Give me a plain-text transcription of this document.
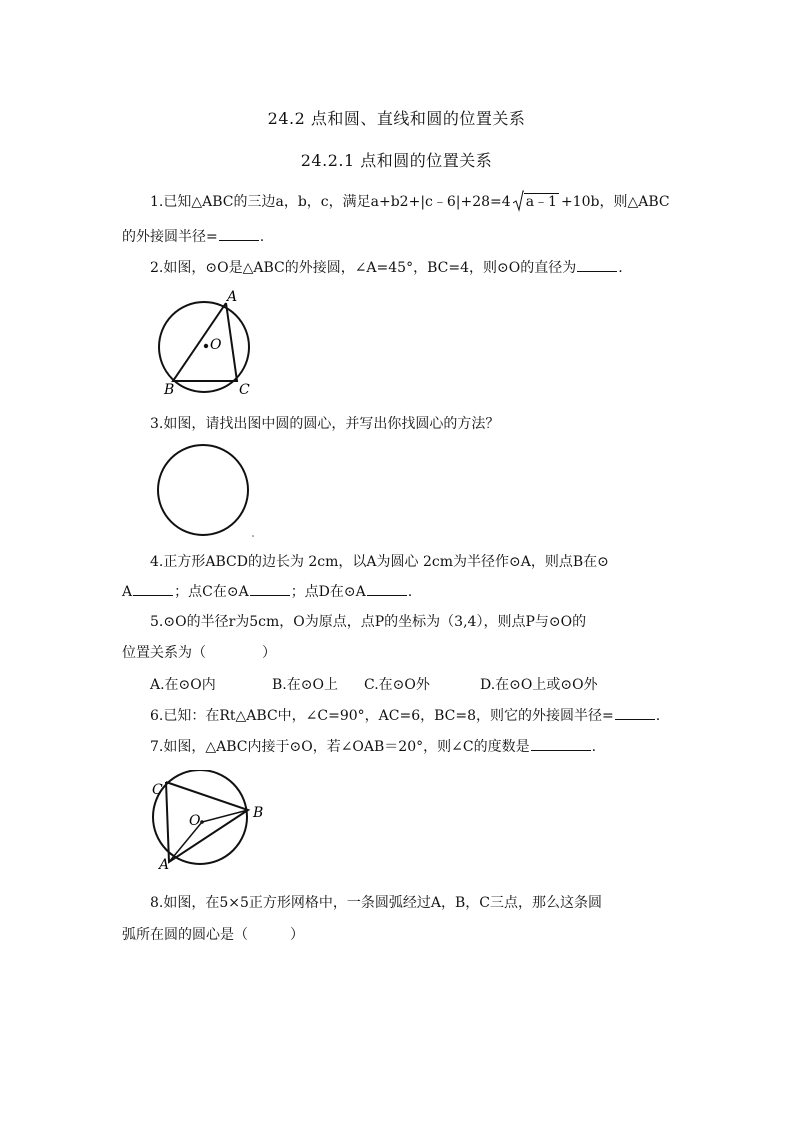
24.2 点和圆、直线和圆的位置关系
24.2.1 点和圆的位置关系
1.已知△ABC的三边a，b，c，满足a+b2+|c﹣6|+28=4 a﹣1 +10b，则△ABC
的外接圆半径=	.
2.如图，⊙O是△ABC的外接圆，∠A=45°，BC=4，则⊙O的直径为	.
A
B	C
O
3.如图，请找出图中圆的圆心，并写出你找圆心的方法？
4.正方形ABCD的边长为 2cm，以A为圆心 2cm为半径作⊙A，则点B在⊙
A	；点C在⊙A	；点D在⊙A	.
5.⊙O的半径r为5cm，O为原点，点P的坐标为（3,4），则点P与⊙O的
位置关系为（　　　　）
A.在⊙O内	B.在⊙O上 C.在⊙O外	D.在⊙O上或⊙O外
6.已知：在Rt△ABC中，∠C=90°，AC=6，BC=8，则它的外接圆半径=	.
7.如图，△ABC内接于⊙O，若∠OAB＝20°，则∠C的度数是	.
C
B
O
A
8.如图，在5×5正方形网格中，一条圆弧经过A，B，C三点，那么这条圆
弧所在圆的圆心是（　　　）
